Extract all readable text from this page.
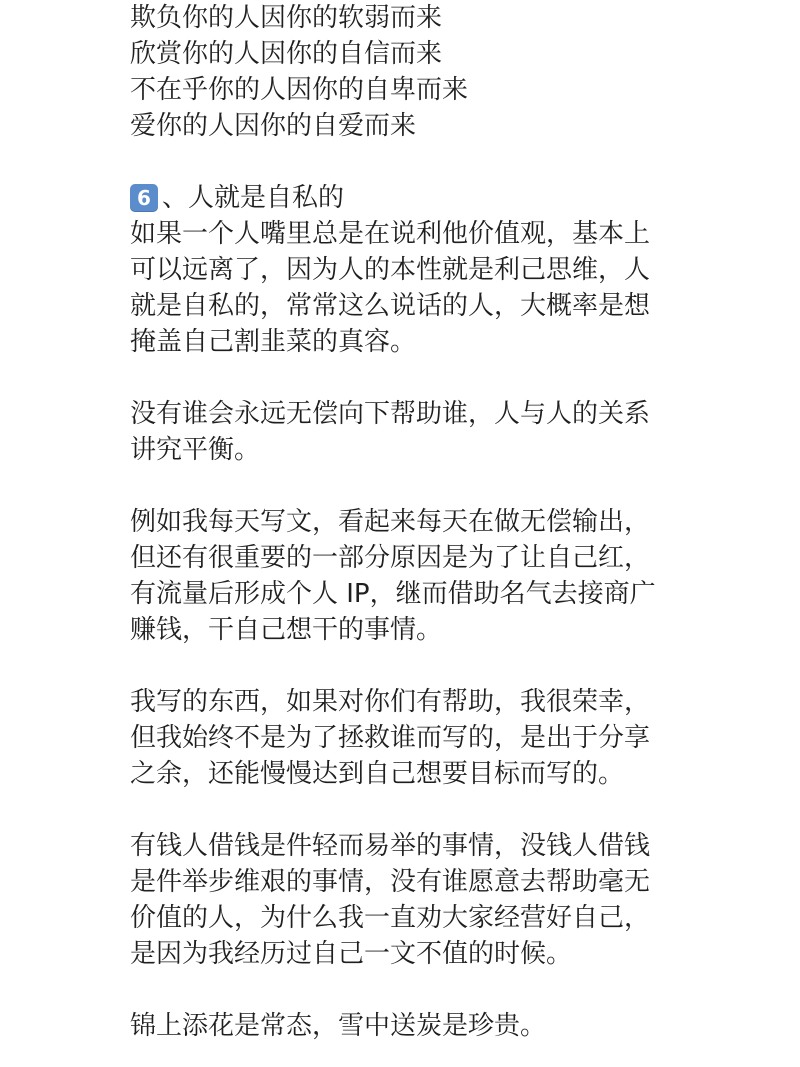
欺负你的人因你的软弱而来
欣赏你的人因你的自信而来
不在乎你的人因你的自卑而来
爱你的人因你的自爱而来
6 、人就是自私的
如果一个人嘴里总是在说利他价值观，基本上
可以远离了，因为人的本性就是利己思维，人
就是自私的，常常这么说话的人，大概率是想
掩盖自己割韭菜的真容。
没有谁会永远无偿向下帮助谁，人与人的关系
讲究平衡。
例如我每天写文，看起来每天在做无偿输出，
但还有很重要的一部分原因是为了让自己红，
有流量后形成个人 IP，继而借助名气去接商广
赚钱，干自己想干的事情。
我写的东西，如果对你们有帮助，我很荣幸，
但我始终不是为了拯救谁而写的，是出于分享
之余，还能慢慢达到自己想要目标而写的。
有钱人借钱是件轻而易举的事情，没钱人借钱
是件举步维艰的事情，没有谁愿意去帮助毫无
价值的人，为什么我一直劝大家经营好自己，
是因为我经历过自己一文不值的时候。
锦上添花是常态，雪中送炭是珍贵。
